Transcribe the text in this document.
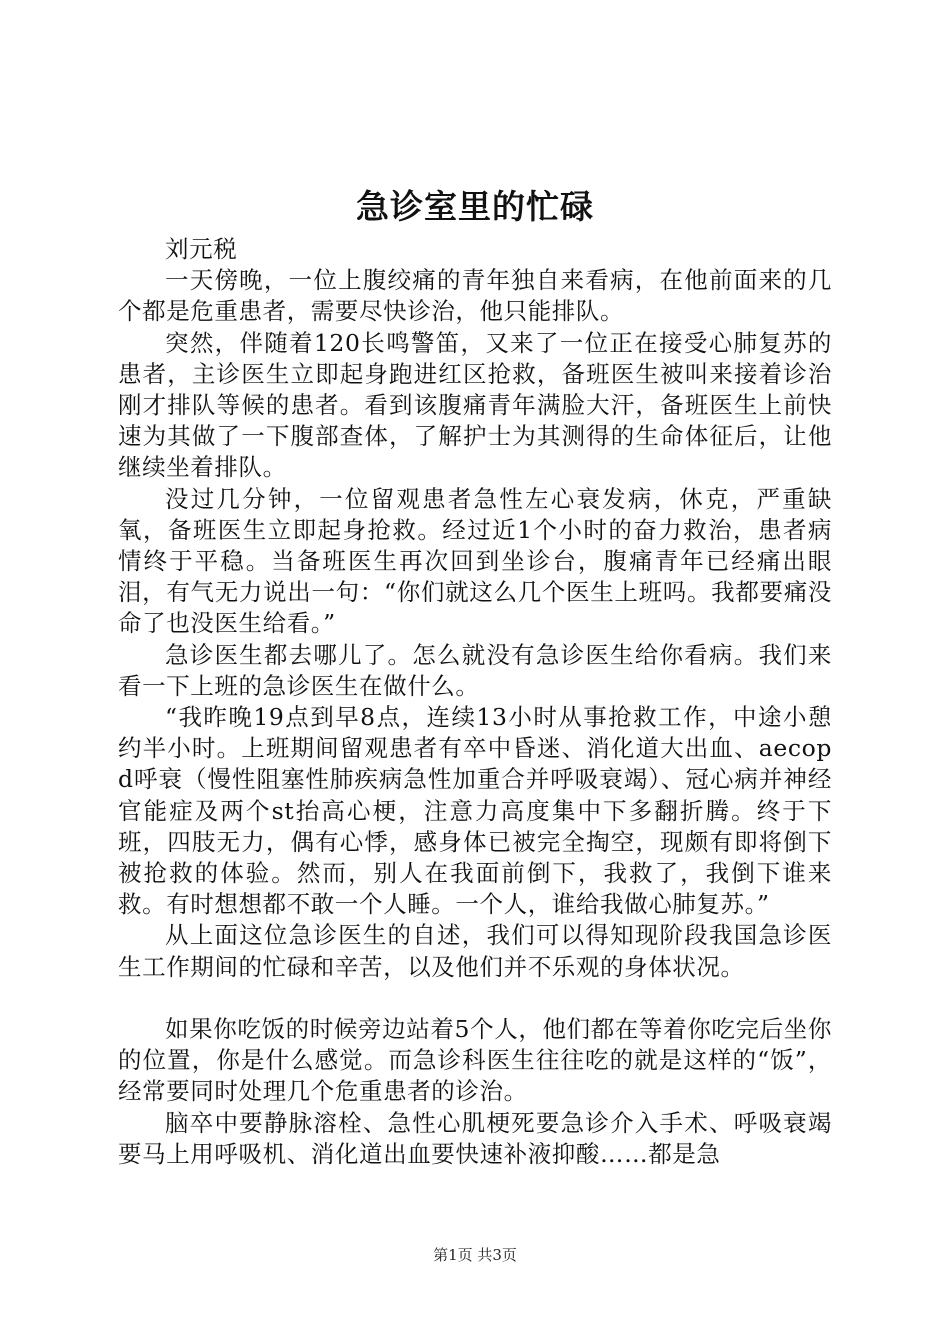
急诊室里的忙碌

刘元税

一天傍晚，一位上腹绞痛的青年独自来看病，在他前面来的几个都是危重患者，需要尽快诊治，他只能排队。

突然，伴随着120长鸣警笛，又来了一位正在接受心肺复苏的患者，主诊医生立即起身跑进红区抢救，备班医生被叫来接着诊治刚才排队等候的患者。看到该腹痛青年满脸大汗，备班医生上前快速为其做了一下腹部查体，了解护士为其测得的生命体征后，让他继续坐着排队。

没过几分钟，一位留观患者急性左心衰发病，休克，严重缺氧，备班医生立即起身抢救。经过近1个小时的奋力救治，患者病情终于平稳。当备班医生再次回到坐诊台，腹痛青年已经痛出眼泪，有气无力说出一句：“你们就这么几个医生上班吗。我都要痛没命了也没医生给看。”

急诊医生都去哪儿了。怎么就没有急诊医生给你看病。我们来看一下上班的急诊医生在做什么。

“我昨晚19点到早8点，连续13小时从事抢救工作，中途小憩约半小时。上班期间留观患者有卒中昏迷、消化道大出血、aecopd呼衰（慢性阻塞性肺疾病急性加重合并呼吸衰竭）、冠心病并神经官能症及两个st抬高心梗，注意力高度集中下多翻折腾。终于下班，四肢无力，偶有心悸，感身体已被完全掏空，现颇有即将倒下被抢救的体验。然而，别人在我面前倒下，我救了，我倒下谁来救。有时想想都不敢一个人睡。一个人，谁给我做心肺复苏。”

从上面这位急诊医生的自述，我们可以得知现阶段我国急诊医生工作期间的忙碌和辛苦，以及他们并不乐观的身体状况。

如果你吃饭的时候旁边站着5个人，他们都在等着你吃完后坐你的位置，你是什么感觉。而急诊科医生往往吃的就是这样的“饭”，经常要同时处理几个危重患者的诊治。

脑卒中要静脉溶栓、急性心肌梗死要急诊介入手术、呼吸衰竭要马上用呼吸机、消化道出血要快速补液抑酸……都是急

第1页 共3页
